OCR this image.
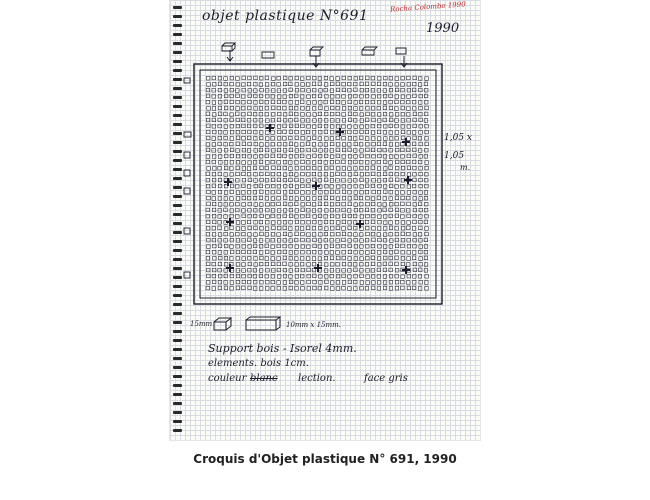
Rocha Colombo 1990
objet plastique N°691
1990
1,05 x
1,05
m.
15mm	10mm x 15mm.
Support bois - Isorel 4mm.
elements. bois 1cm.
couleur blanc lection.	face gris
Croquis d'Objet plastique N° 691, 1990
